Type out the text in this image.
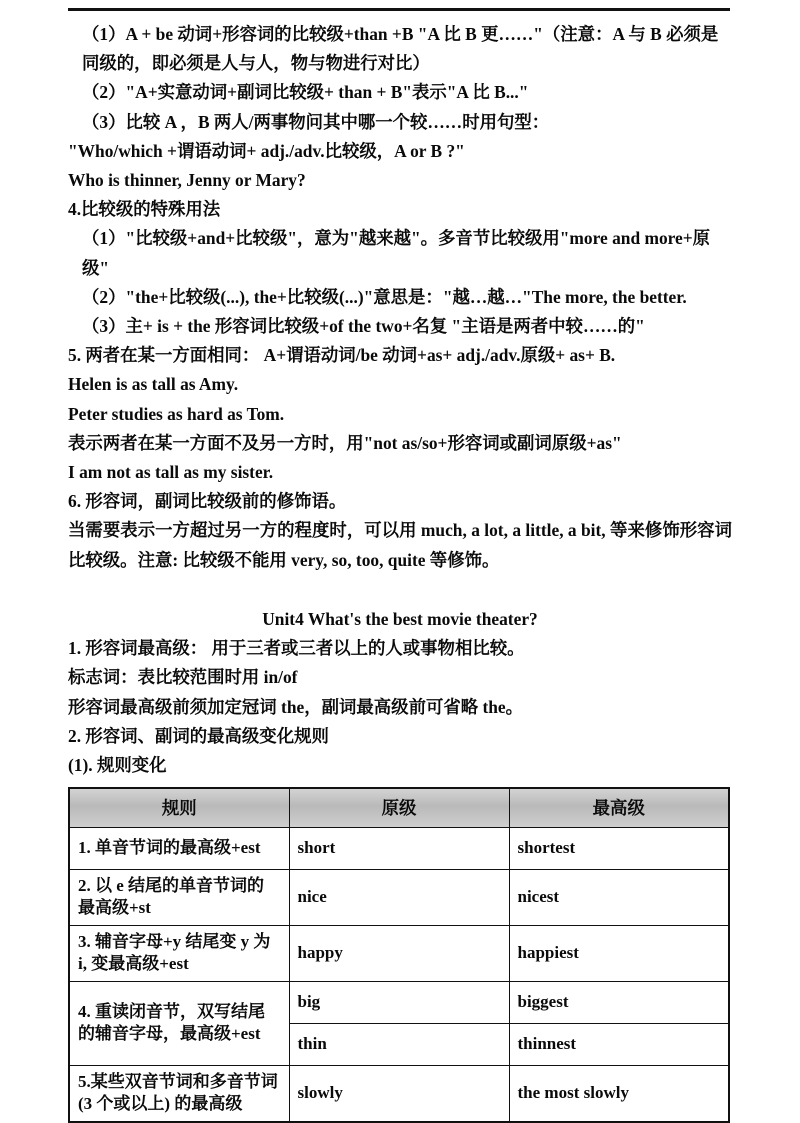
（1）A + be 动词+形容词的比较级+than +B "A 比 B 更……"（注意：A 与 B 必须是同级的，即必须是人与人，物与物进行对比）
（2）"A+实意动词+副词比较级+ than + B"表示"A 比 B..."
（3）比较 A ，B 两人/两事物问其中哪一个较……时用句型：
"Who/which +谓语动词+ adj./adv.比较级，A or B ?"
Who is thinner, Jenny or Mary?
4.比较级的特殊用法
（1）"比较级+and+比较级"，意为"越来越"。多音节比较级用"more and more+原级"
（2）"the+比较级(...), the+比较级(...)"意思是："越…越…"The more, the better.
（3）主+ is + the 形容词比较级+of the two+名复 "主语是两者中较……的"
5. 两者在某一方面相同： A+谓语动词/be 动词+as+ adj./adv.原级+ as+ B.
Helen is as tall as Amy.
Peter studies as hard as Tom.
表示两者在某一方面不及另一方时，用"not as/so+形容词或副词原级+as"
I am not as tall as my sister.
6. 形容词，副词比较级前的修饰语。
当需要表示一方超过另一方的程度时，可以用 much, a lot, a little, a bit, 等来修饰形容词比较级。注意: 比较级不能用 very, so, too, quite 等修饰。
Unit4 What's the best movie theater?
1. 形容词最高级： 用于三者或三者以上的人或事物相比较。
标志词：表比较范围时用 in/of
形容词最高级前须加定冠词 the，副词最高级前可省略 the。
2. 形容词、副词的最高级变化规则
(1). 规则变化
规则	原级	最高级
1. 单音节词的最高级+est	short	shortest
2. 以 e 结尾的单音节词的最高级+st	nice	nicest
3. 辅音字母+y 结尾变 y 为 i, 变最高级+est	happy	happiest
4. 重读闭音节，双写结尾的辅音字母，最高级+est	big	biggest
	thin	thinnest
5.某些双音节词和多音节词(3 个或以上) 的最高级	slowly	the most slowly
